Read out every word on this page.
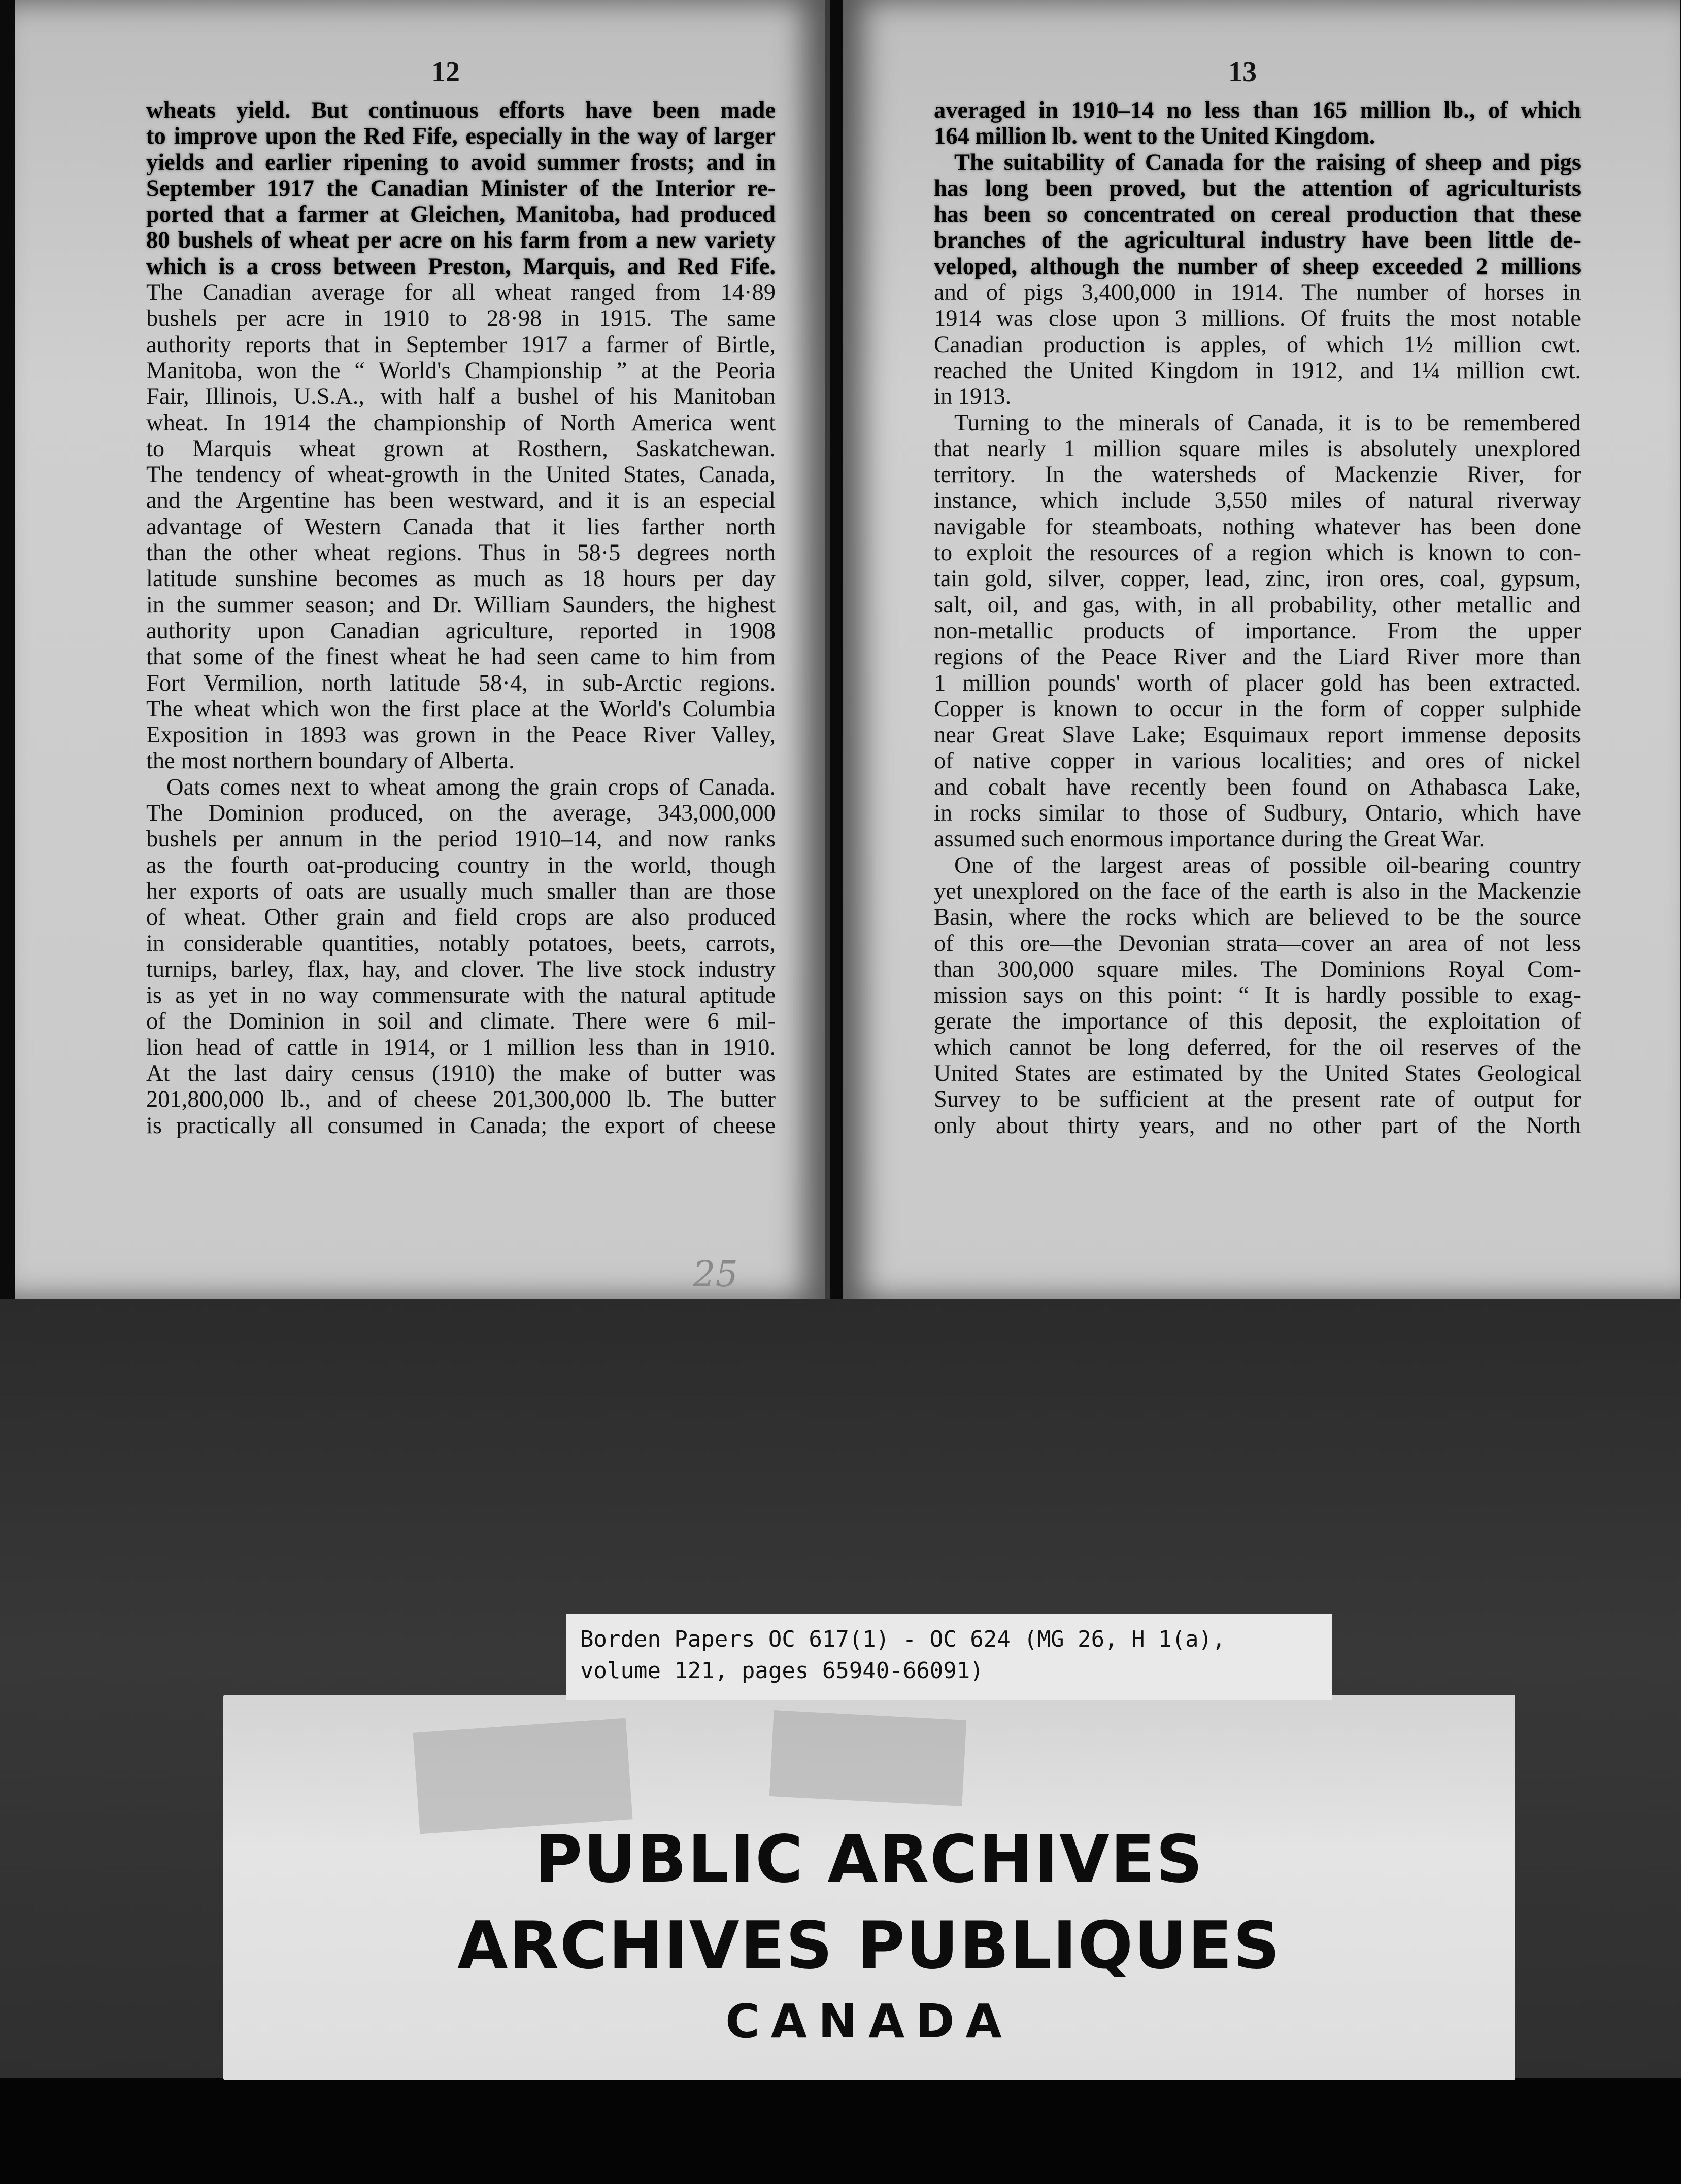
12
wheats yield. But continuous efforts have been made
to improve upon the Red Fife, especially in the way of larger
yields and earlier ripening to avoid summer frosts; and in
September 1917 the Canadian Minister of the Interior re-
ported that a farmer at Gleichen, Manitoba, had produced
80 bushels of wheat per acre on his farm from a new variety
which is a cross between Preston, Marquis, and Red Fife.
The Canadian average for all wheat ranged from 14·89
bushels per acre in 1910 to 28·98 in 1915. The same
authority reports that in September 1917 a farmer of Birtle,
Manitoba, won the “ World's Championship ” at the Peoria
Fair, Illinois, U.S.A., with half a bushel of his Manitoban
wheat. In 1914 the championship of North America went
to Marquis wheat grown at Rosthern, Saskatchewan.
The tendency of wheat-growth in the United States, Canada,
and the Argentine has been westward, and it is an especial
advantage of Western Canada that it lies farther north
than the other wheat regions. Thus in 58·5 degrees north
latitude sunshine becomes as much as 18 hours per day
in the summer season; and Dr. William Saunders, the highest
authority upon Canadian agriculture, reported in 1908
that some of the finest wheat he had seen came to him from
Fort Vermilion, north latitude 58·4, in sub-Arctic regions.
The wheat which won the first place at the World's Columbia
Exposition in 1893 was grown in the Peace River Valley,
the most northern boundary of Alberta.
Oats comes next to wheat among the grain crops of Canada.
The Dominion produced, on the average, 343,000,000
bushels per annum in the period 1910–14, and now ranks
as the fourth oat-producing country in the world, though
her exports of oats are usually much smaller than are those
of wheat. Other grain and field crops are also produced
in considerable quantities, notably potatoes, beets, carrots,
turnips, barley, flax, hay, and clover. The live stock industry
is as yet in no way commensurate with the natural aptitude
of the Dominion in soil and climate. There were 6 mil-
lion head of cattle in 1914, or 1 million less than in 1910.
At the last dairy census (1910) the make of butter was
201,800,000 lb., and of cheese 201,300,000 lb. The butter
is practically all consumed in Canada; the export of cheese
25
13
averaged in 1910–14 no less than 165 million lb., of which
164 million lb. went to the United Kingdom.
The suitability of Canada for the raising of sheep and pigs
has long been proved, but the attention of agriculturists
has been so concentrated on cereal production that these
branches of the agricultural industry have been little de-
veloped, although the number of sheep exceeded 2 millions
and of pigs 3,400,000 in 1914. The number of horses in
1914 was close upon 3 millions. Of fruits the most notable
Canadian production is apples, of which 1½ million cwt.
reached the United Kingdom in 1912, and 1¼ million cwt.
in 1913.
Turning to the minerals of Canada, it is to be remembered
that nearly 1 million square miles is absolutely unexplored
territory. In the watersheds of Mackenzie River, for
instance, which include 3,550 miles of natural riverway
navigable for steamboats, nothing whatever has been done
to exploit the resources of a region which is known to con-
tain gold, silver, copper, lead, zinc, iron ores, coal, gypsum,
salt, oil, and gas, with, in all probability, other metallic and
non-metallic products of importance. From the upper
regions of the Peace River and the Liard River more than
1 million pounds' worth of placer gold has been extracted.
Copper is known to occur in the form of copper sulphide
near Great Slave Lake; Esquimaux report immense deposits
of native copper in various localities; and ores of nickel
and cobalt have recently been found on Athabasca Lake,
in rocks similar to those of Sudbury, Ontario, which have
assumed such enormous importance during the Great War.
One of the largest areas of possible oil-bearing country
yet unexplored on the face of the earth is also in the Mackenzie
Basin, where the rocks which are believed to be the source
of this ore—the Devonian strata—cover an area of not less
than 300,000 square miles. The Dominions Royal Com-
mission says on this point: “ It is hardly possible to exag-
gerate the importance of this deposit, the exploitation of
which cannot be long deferred, for the oil reserves of the
United States are estimated by the United States Geological
Survey to be sufficient at the present rate of output for
only about thirty years, and no other part of the North
PUBLIC ARCHIVES
ARCHIVES PUBLIQUES
CANADA
Borden Papers OC 617(1) - OC 624 (MG 26, H 1(a),
volume 121, pages 65940-66091)
